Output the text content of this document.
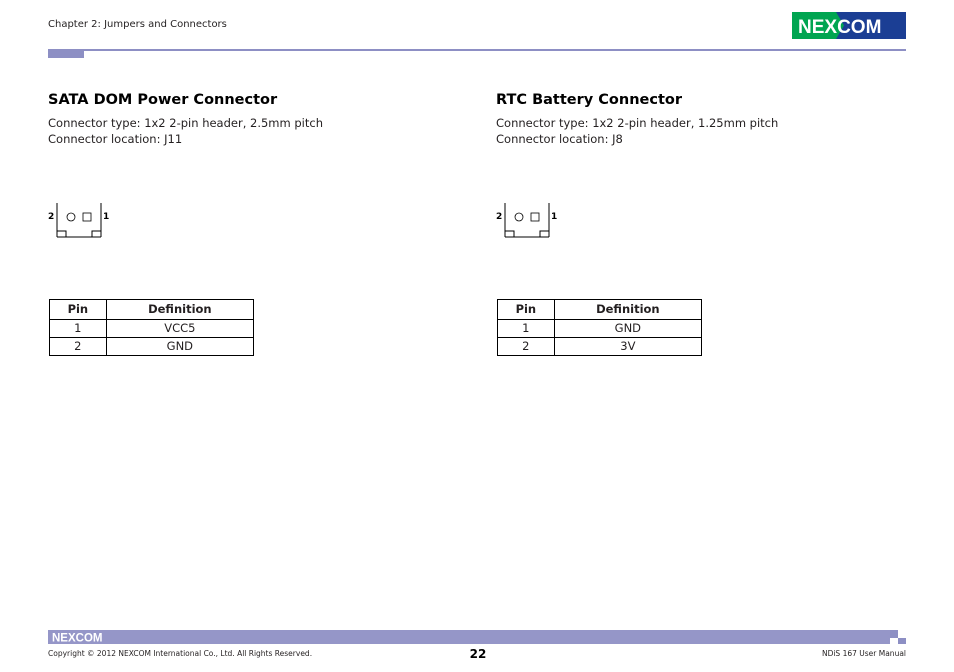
Chapter 2: Jumpers and Connectors	NEXCOM
SATA DOM Power Connector
Connector type: 1x2 2-pin header, 2.5mm pitch
Connector location: J11
2	1
Pin	Definition
1	VCC5
2	GND
RTC Battery Connector
Connector type: 1x2 2-pin header, 1.25mm pitch
Connector location: J8
2	1
Pin	Definition
1	GND
2	3V
NEXCOM
Copyright © 2012 NEXCOM International Co., Ltd. All Rights Reserved.	22	NDiS 167 User Manual
